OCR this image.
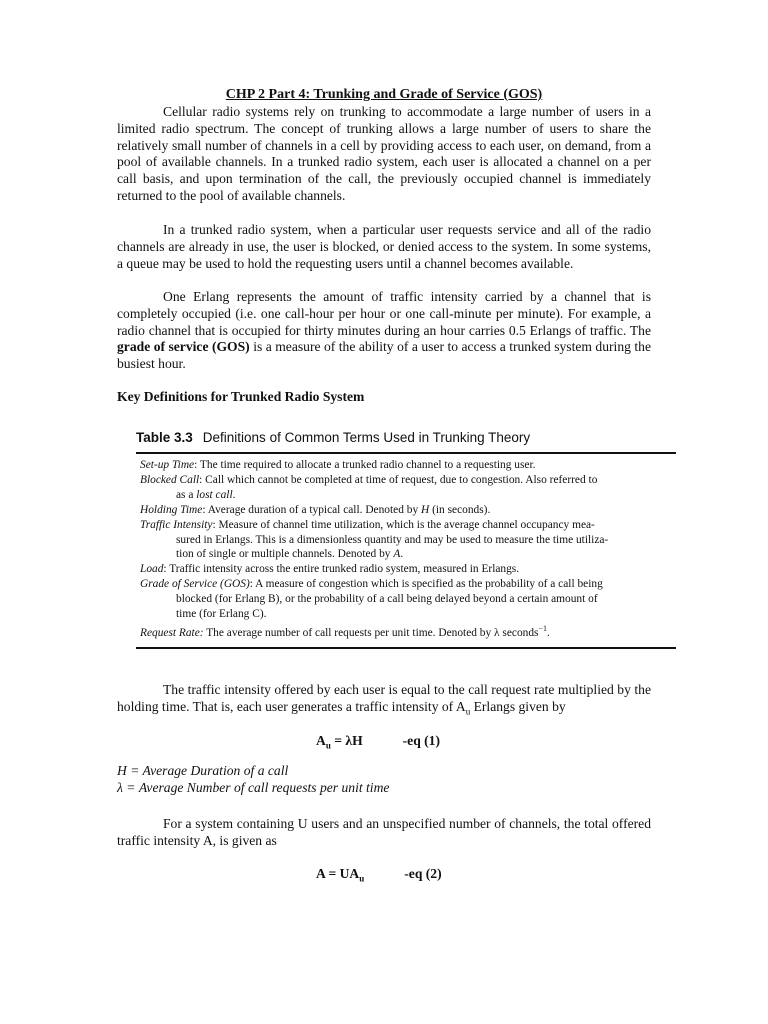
CHP 2 Part 4: Trunking and Grade of Service (GOS)

Cellular radio systems rely on trunking to accommodate a large number of users in a limited radio spectrum. The concept of trunking allows a large number of users to share the relatively small number of channels in a cell by providing access to each user, on demand, from a pool of available channels. In a trunked radio system, each user is allocated a channel on a per call basis, and upon termination of the call, the previously occupied channel is immediately returned to the pool of available channels.

In a trunked radio system, when a particular user requests service and all of the radio channels are already in use, the user is blocked, or denied access to the system. In some systems, a queue may be used to hold the requesting users until a channel becomes available.

One Erlang represents the amount of traffic intensity carried by a channel that is completely occupied (i.e. one call-hour per hour or one call-minute per minute). For example, a radio channel that is occupied for thirty minutes during an hour carries 0.5 Erlangs of traffic. The grade of service (GOS) is a measure of the ability of a user to access a trunked system during the busiest hour.

Key Definitions for Trunked Radio System
Table 3.3 Definitions of Common Terms Used in Trunking Theory
Set-up Time: The time required to allocate a trunked radio channel to a requesting user.
Blocked Call: Call which cannot be completed at time of request, due to congestion. Also referred to
as a lost call.
Holding Time: Average duration of a typical call. Denoted by H (in seconds).
Traffic Intensity: Measure of channel time utilization, which is the average channel occupancy mea-
sured in Erlangs. This is a dimensionless quantity and may be used to measure the time utiliza-
tion of single or multiple channels. Denoted by A.
Load: Traffic intensity across the entire trunked radio system, measured in Erlangs.
Grade of Service (GOS): A measure of congestion which is specified as the probability of a call being
blocked (for Erlang B), or the probability of a call being delayed beyond a certain amount of
time (for Erlang C).
Request Rate: The average number of call requests per unit time. Denoted by λ seconds$^{-1}$.

The traffic intensity offered by each user is equal to the call request rate multiplied by the holding time. That is, each user generates a traffic intensity of $A_u$ Erlangs given by

$A_u = \lambda H$	-eq (1)
H = Average Duration of a call
λ = Average Number of call requests per unit time

For a system containing U users and an unspecified number of channels, the total offered traffic intensity A, is given as

$A = UA_u$	-eq (2)
